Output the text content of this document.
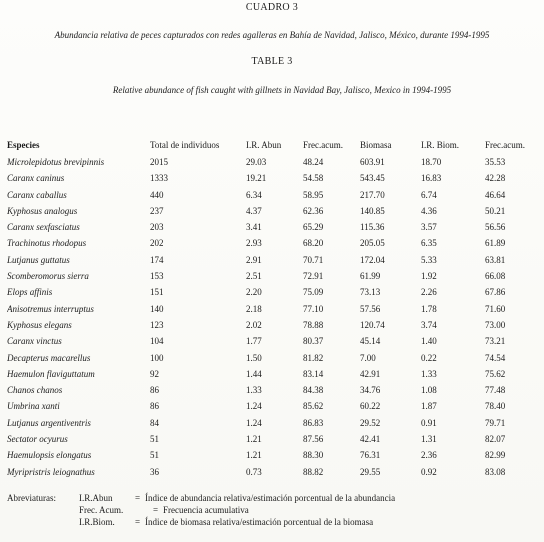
CUADRO 3
Abundancia relativa de peces capturados con redes agalleras en Bahía de Navidad, Jalisco, México, durante 1994-1995
TABLE 3
Relative abundance of fish caught with gillnets in Navidad Bay, Jalisco, Mexico in 1994-1995
Especies	Total de individuos	I.R. Abun	Frec.acum.	Biomasa	I.R. Biom.	Frec.acum.
Microlepidotus brevipinnis	2015	29.03	48.24	603.91	18.70	35.53
Caranx caninus	1333	19.21	54.58	543.45	16.83	42.28
Caranx caballus	440	6.34	58.95	217.70	6.74	46.64
Kyphosus analogus	237	4.37	62.36	140.85	4.36	50.21
Caranx sexfasciatus	203	3.41	65.29	115.36	3.57	56.56
Trachinotus rhodopus	202	2.93	68.20	205.05	6.35	61.89
Lutjanus guttatus	174	2.91	70.71	172.04	5.33	63.81
Scomberomorus sierra	153	2.51	72.91	61.99	1.92	66.08
Elops affinis	151	2.20	75.09	73.13	2.26	67.86
Anisotremus interruptus	140	2.18	77.10	57.56	1.78	71.60
Kyphosus elegans	123	2.02	78.88	120.74	3.74	73.00
Caranx vinctus	104	1.77	80.37	45.14	1.40	73.21
Decapterus macarellus	100	1.50	81.82	7.00	0.22	74.54
Haemulon flaviguttatum	92	1.44	83.14	42.91	1.33	75.62
Chanos chanos	86	1.33	84.38	34.76	1.08	77.48
Umbrina xanti	86	1.24	85.62	60.22	1.87	78.40
Lutjanus argentiventris	84	1.24	86.83	29.52	0.91	79.71
Sectator ocyurus	51	1.21	87.56	42.41	1.31	82.07
Haemulopsis elongatus	51	1.21	88.30	76.31	2.36	82.99
Myripristris leiognathus	36	0.73	88.82	29.55	0.92	83.08
Abreviaturas:	I.R.Abun	= Índice de abundancia relativa/estimación porcentual de la abundancia
Frec. Acum.	= Frecuencia acumulativa
I.R.Biom. = Índice de biomasa relativa/estimación porcentual de la biomasa
